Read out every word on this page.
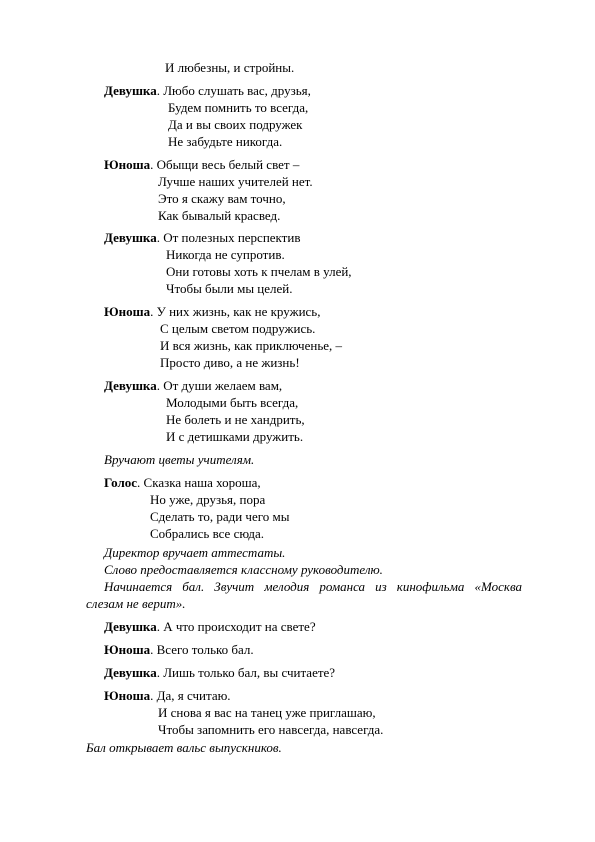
И любезны, и стройны.
Девушка. Любо слушать вас, друзья,
Будем помнить то всегда,
Да и вы своих подружек
Не забудьте никогда.
Юноша. Обыщи весь белый свет –
Лучше наших учителей нет.
Это я скажу вам точно,
Как бывалый красвед.
Девушка. От полезных перспектив
Никогда не супротив.
Они готовы хоть к пчелам в улей,
Чтобы были мы целей.
Юноша. У них жизнь, как не кружись,
С целым светом подружись.
И вся жизнь, как приключенье, –
Просто диво, а не жизнь!
Девушка. От души желаем вам,
Молодыми быть всегда,
Не болеть и не хандрить,
И с детишками дружить.
Вручают цветы учителям.
Голос. Сказка наша хороша,
Но уже, друзья, пора
Сделать то, ради чего мы
Собрались все сюда.
Директор вручает аттестаты.
Слово предоставляется классному руководителю.
Начинается бал. Звучит мелодия романса из кинофильма «Москва
слезам не верит».
Девушка. А что происходит на свете?
Юноша. Всего только бал.
Девушка. Лишь только бал, вы считаете?
Юноша. Да, я считаю.
И снова я вас на танец уже приглашаю,
Чтобы запомнить его навсегда, навсегда.
Бал открывает вальс выпускников.
